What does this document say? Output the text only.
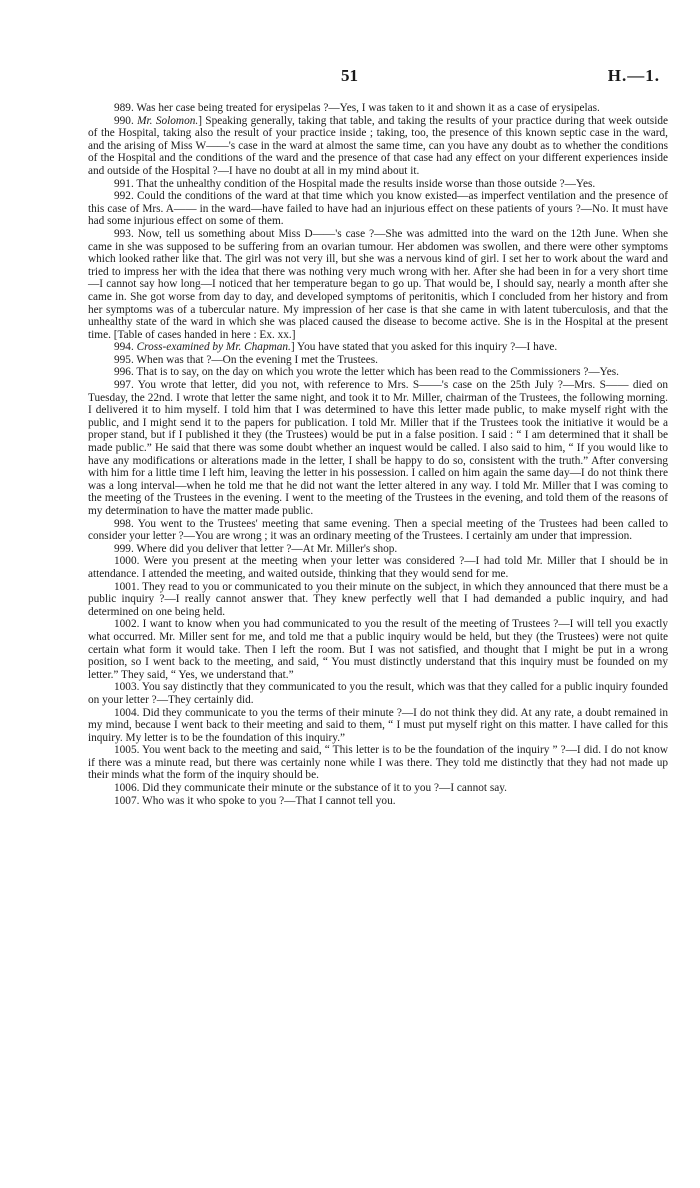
51	H.—1.

989. Was her case being treated for erysipelas ?—Yes, I was taken to it and shown it as a case of erysipelas.

990. Mr. Solomon.] Speaking generally, taking that table, and taking the results of your practice during that week outside of the Hospital, taking also the result of your practice inside ; taking, too, the presence of this known septic case in the ward, and the arising of Miss W——'s case in the ward at almost the same time, can you have any doubt as to whether the conditions of the Hospital and the conditions of the ward and the presence of that case had any effect on your different experiences inside and outside of the Hospital ?—I have no doubt at all in my mind about it.

991. That the unhealthy condition of the Hospital made the results inside worse than those outside ?—Yes.

992. Could the conditions of the ward at that time which you know existed—as imperfect ventilation and the presence of this case of Mrs. A—— in the ward—have failed to have had an injurious effect on these patients of yours ?—No. It must have had some injurious effect on some of them.

993. Now, tell us something about Miss D——'s case ?—She was admitted into the ward on the 12th June. When she came in she was supposed to be suffering from an ovarian tumour. Her abdomen was swollen, and there were other symptoms which looked rather like that. The girl was not very ill, but she was a nervous kind of girl. I set her to work about the ward and tried to impress her with the idea that there was nothing very much wrong with her. After she had been in for a very short time—I cannot say how long—I noticed that her temperature began to go up. That would be, I should say, nearly a month after she came in. She got worse from day to day, and developed symptoms of peritonitis, which I concluded from her history and from her symptoms was of a tubercular nature. My impression of her case is that she came in with latent tuberculosis, and that the unhealthy state of the ward in which she was placed caused the disease to become active. She is in the Hospital at the present time. [Table of cases handed in here : Ex. xx.]

994. Cross-examined by Mr. Chapman.] You have stated that you asked for this inquiry ?—I have.

995. When was that ?—On the evening I met the Trustees.

996. That is to say, on the day on which you wrote the letter which has been read to the Commissioners ?—Yes.

997. You wrote that letter, did you not, with reference to Mrs. S——'s case on the 25th July ?—Mrs. S—— died on Tuesday, the 22nd. I wrote that letter the same night, and took it to Mr. Miller, chairman of the Trustees, the following morning. I delivered it to him myself. I told him that I was determined to have this letter made public, to make myself right with the public, and I might send it to the papers for publication. I told Mr. Miller that if the Trustees took the initiative it would be a proper stand, but if I published it they (the Trustees) would be put in a false position. I said : “ I am determined that it shall be made public.” He said that there was some doubt whether an inquest would be called. I also said to him, “ If you would like to have any modifications or alterations made in the letter, I shall be happy to do so, consistent with the truth.” After conversing with him for a little time I left him, leaving the letter in his possession. I called on him again the same day—I do not think there was a long interval—when he told me that he did not want the letter altered in any way. I told Mr. Miller that I was coming to the meeting of the Trustees in the evening. I went to the meeting of the Trustees in the evening, and told them of the reasons of my determination to have the matter made public.

998. You went to the Trustees' meeting that same evening. Then a special meeting of the Trustees had been called to consider your letter ?—You are wrong ; it was an ordinary meeting of the Trustees. I certainly am under that impression.

999. Where did you deliver that letter ?—At Mr. Miller's shop.

1000. Were you present at the meeting when your letter was considered ?—I had told Mr. Miller that I should be in attendance. I attended the meeting, and waited outside, thinking that they would send for me.

1001. They read to you or communicated to you their minute on the subject, in which they announced that there must be a public inquiry ?—I really cannot answer that. They knew perfectly well that I had demanded a public inquiry, and had determined on one being held.

1002. I want to know when you had communicated to you the result of the meeting of Trustees ?—I will tell you exactly what occurred. Mr. Miller sent for me, and told me that a public inquiry would be held, but they (the Trustees) were not quite certain what form it would take. Then I left the room. But I was not satisfied, and thought that I might be put in a wrong position, so I went back to the meeting, and said, “ You must distinctly understand that this inquiry must be founded on my letter.” They said, “ Yes, we understand that.”

1003. You say distinctly that they communicated to you the result, which was that they called for a public inquiry founded on your letter ?—They certainly did.

1004. Did they communicate to you the terms of their minute ?—I do not think they did. At any rate, a doubt remained in my mind, because I went back to their meeting and said to them, “ I must put myself right on this matter. I have called for this inquiry. My letter is to be the foundation of this inquiry.”

1005. You went back to the meeting and said, “ This letter is to be the foundation of the inquiry ” ?—I did. I do not know if there was a minute read, but there was certainly none while I was there. They told me distinctly that they had not made up their minds what the form of the inquiry should be.

1006. Did they communicate their minute or the substance of it to you ?—I cannot say.

1007. Who was it who spoke to you ?—That I cannot tell you.
